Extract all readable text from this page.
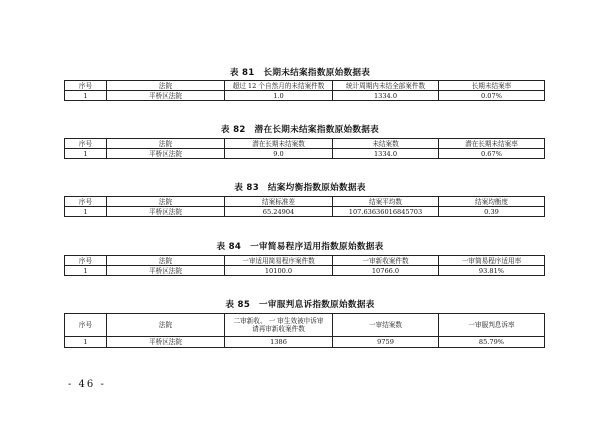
表 81　长期未结案指数原始数据表
序号	法院	超过 12 个自然月的未结案件数	统计周期内未结全部案件数	长期未结案率
1	平桥区法院	1.0	1334.0	0.07%
表 82　潜在长期未结案指数原始数据表
序号	法院	潜在长期未结案数	未结案数	潜在长期未结案率
1	平桥区法院	9.0	1334.0	0.67%
表 83　结案均衡指数原始数据表
序号	法院	结案标准差	结案平均数	结案均衡度
1	平桥区法院	65.24904	107.63636016845703	0.39
表 84　一审简易程序适用指数原始数据表
序号	法院	一审适用简易程序案件数	一审新收案件数	一审简易程序适用率
1	平桥区法院	10100.0	10766.0	93.81%
表 85　一审服判息诉指数原始数据表
序号	法院	二审新收、 一 审生效被申诉审请再审新收案件数	一审结案数	一审服判息诉率
1	平桥区法院	1386	9759	85.79%
- 46 -
